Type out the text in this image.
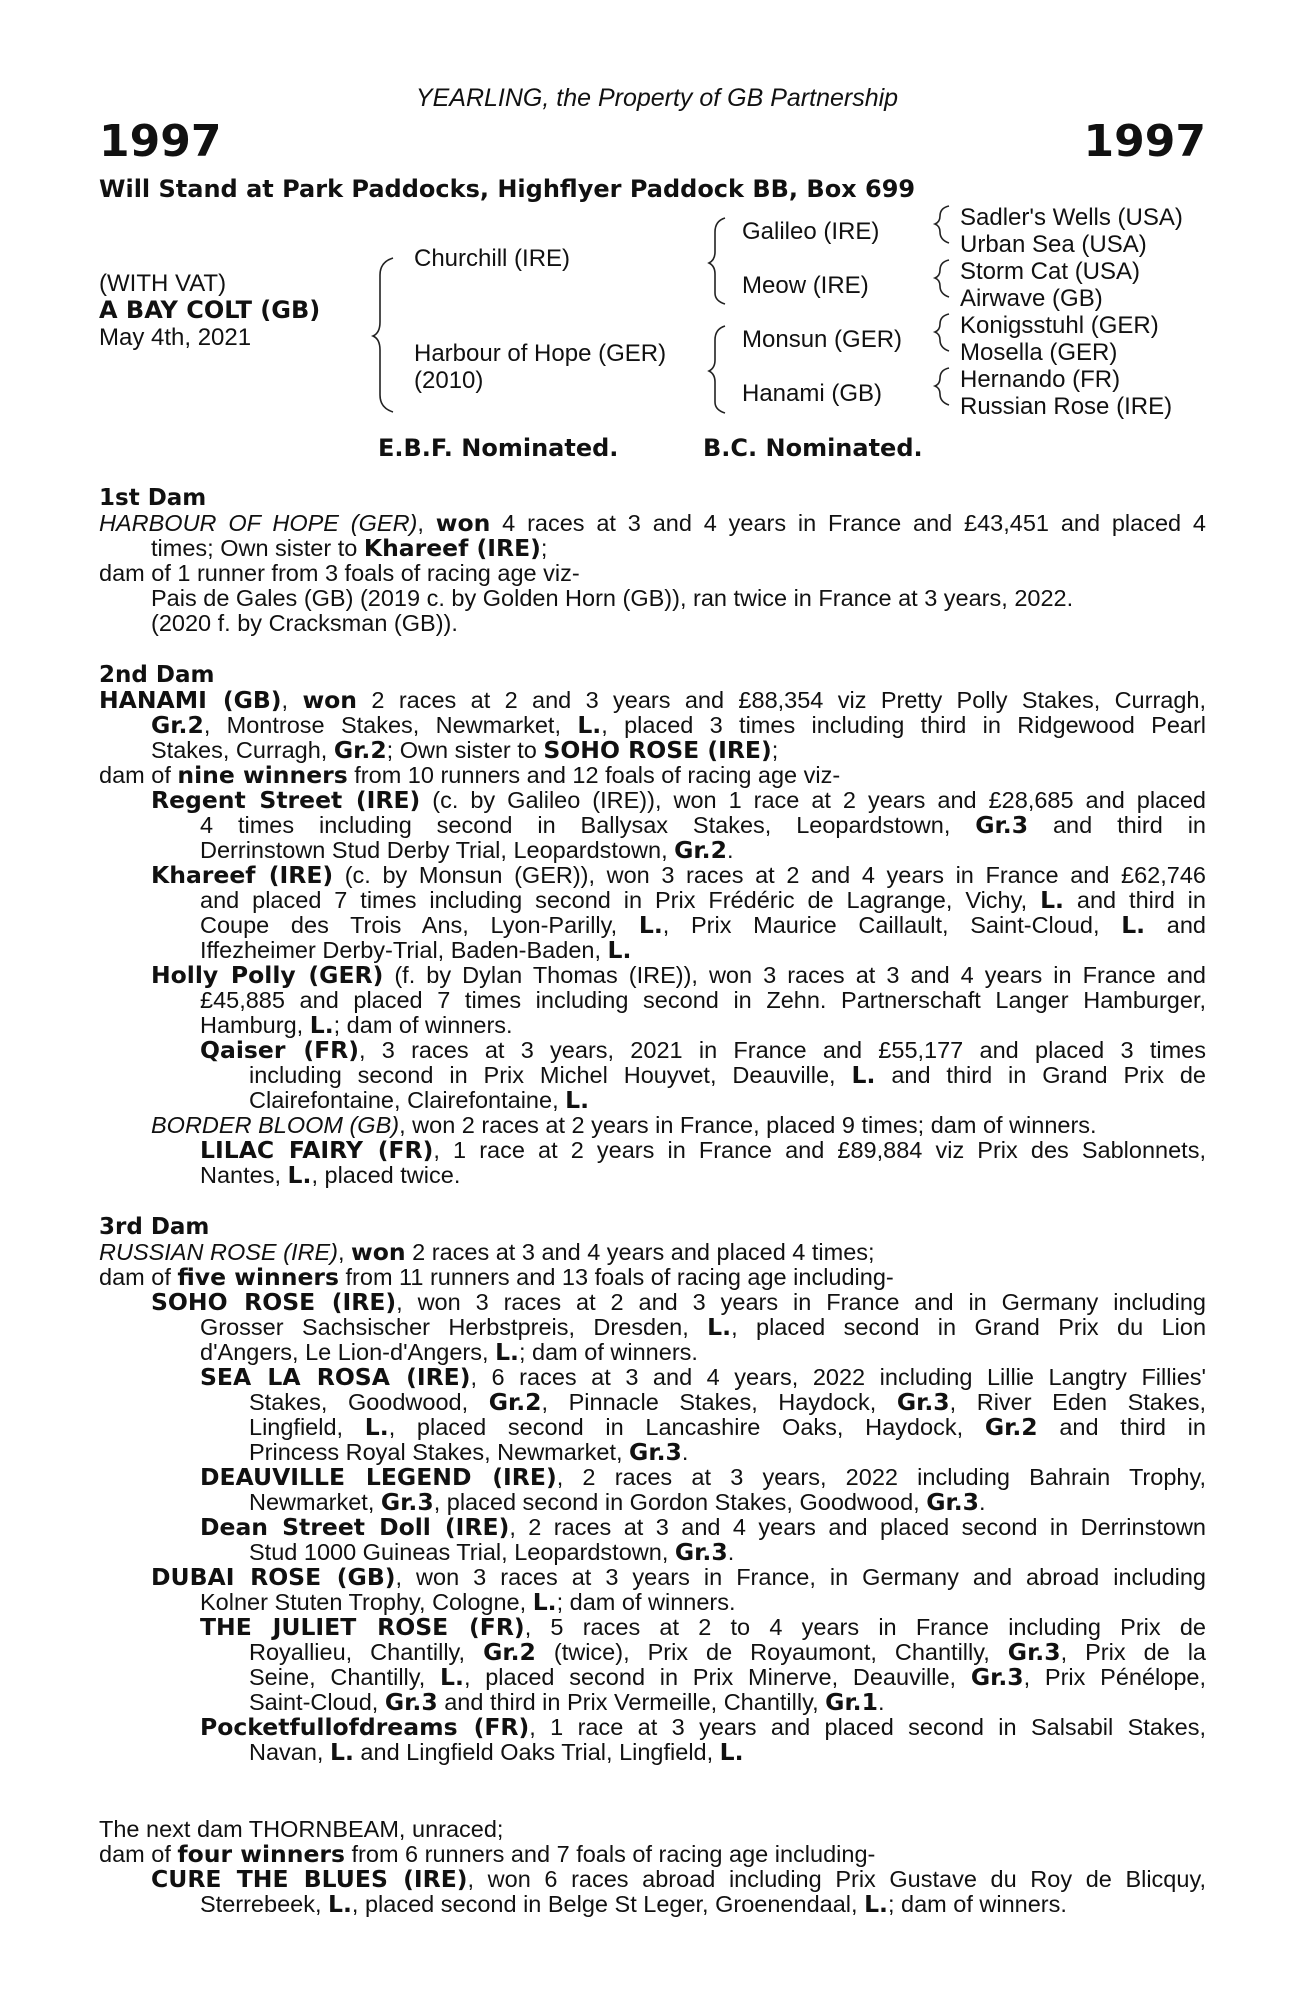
YEARLING, the Property of GB Partnership
1997	1997
Will Stand at Park Paddocks, Highflyer Paddock BB, Box 699
(WITH VAT)
A BAY COLT (GB)
May 4th, 2021
Churchill (IRE)
Harbour of Hope (GER)
(2010)
Galileo (IRE)
Meow (IRE)
Monsun (GER)
Hanami (GB)
Sadler's Wells (USA)
Urban Sea (USA)
Storm Cat (USA)
Airwave (GB)
Konigsstuhl (GER)
Mosella (GER)
Hernando (FR)
Russian Rose (IRE)
E.B.F. Nominated.	B.C. Nominated.
1st Dam
HARBOUR OF HOPE (GER), won 4 races at 3 and 4 years in France and £43,451 and placed 4
times; Own sister to Khareef (IRE);
dam of 1 runner from 3 foals of racing age viz-
Pais de Gales (GB) (2019 c. by Golden Horn (GB)), ran twice in France at 3 years, 2022.
(2020 f. by Cracksman (GB)).
2nd Dam
HANAMI (GB), won 2 races at 2 and 3 years and £88,354 viz Pretty Polly Stakes, Curragh,
Gr.2, Montrose Stakes, Newmarket, L., placed 3 times including third in Ridgewood Pearl
Stakes, Curragh, Gr.2; Own sister to SOHO ROSE (IRE);
dam of nine winners from 10 runners and 12 foals of racing age viz-
Regent Street (IRE) (c. by Galileo (IRE)), won 1 race at 2 years and £28,685 and placed
4 times including second in Ballysax Stakes, Leopardstown, Gr.3 and third in
Derrinstown Stud Derby Trial, Leopardstown, Gr.2.
Khareef (IRE) (c. by Monsun (GER)), won 3 races at 2 and 4 years in France and £62,746
and placed 7 times including second in Prix Frédéric de Lagrange, Vichy, L. and third in
Coupe des Trois Ans, Lyon-Parilly, L., Prix Maurice Caillault, Saint-Cloud, L. and
Iffezheimer Derby-Trial, Baden-Baden, L.
Holly Polly (GER) (f. by Dylan Thomas (IRE)), won 3 races at 3 and 4 years in France and
£45,885 and placed 7 times including second in Zehn. Partnerschaft Langer Hamburger,
Hamburg, L.; dam of winners.
Qaiser (FR), 3 races at 3 years, 2021 in France and £55,177 and placed 3 times
including second in Prix Michel Houyvet, Deauville, L. and third in Grand Prix de
Clairefontaine, Clairefontaine, L.
BORDER BLOOM (GB), won 2 races at 2 years in France, placed 9 times; dam of winners.
LILAC FAIRY (FR), 1 race at 2 years in France and £89,884 viz Prix des Sablonnets,
Nantes, L., placed twice.
3rd Dam
RUSSIAN ROSE (IRE), won 2 races at 3 and 4 years and placed 4 times;
dam of five winners from 11 runners and 13 foals of racing age including-
SOHO ROSE (IRE), won 3 races at 2 and 3 years in France and in Germany including
Grosser Sachsischer Herbstpreis, Dresden, L., placed second in Grand Prix du Lion
d'Angers, Le Lion-d'Angers, L.; dam of winners.
SEA LA ROSA (IRE), 6 races at 3 and 4 years, 2022 including Lillie Langtry Fillies'
Stakes, Goodwood, Gr.2, Pinnacle Stakes, Haydock, Gr.3, River Eden Stakes,
Lingfield, L., placed second in Lancashire Oaks, Haydock, Gr.2 and third in
Princess Royal Stakes, Newmarket, Gr.3.
DEAUVILLE LEGEND (IRE), 2 races at 3 years, 2022 including Bahrain Trophy,
Newmarket, Gr.3, placed second in Gordon Stakes, Goodwood, Gr.3.
Dean Street Doll (IRE), 2 races at 3 and 4 years and placed second in Derrinstown
Stud 1000 Guineas Trial, Leopardstown, Gr.3.
DUBAI ROSE (GB), won 3 races at 3 years in France, in Germany and abroad including
Kolner Stuten Trophy, Cologne, L.; dam of winners.
THE JULIET ROSE (FR), 5 races at 2 to 4 years in France including Prix de
Royallieu, Chantilly, Gr.2 (twice), Prix de Royaumont, Chantilly, Gr.3, Prix de la
Seine, Chantilly, L., placed second in Prix Minerve, Deauville, Gr.3, Prix Pénélope,
Saint-Cloud, Gr.3 and third in Prix Vermeille, Chantilly, Gr.1.
Pocketfullofdreams (FR), 1 race at 3 years and placed second in Salsabil Stakes,
Navan, L. and Lingfield Oaks Trial, Lingfield, L.
The next dam THORNBEAM, unraced;
dam of four winners from 6 runners and 7 foals of racing age including-
CURE THE BLUES (IRE), won 6 races abroad including Prix Gustave du Roy de Blicquy,
Sterrebeek, L., placed second in Belge St Leger, Groenendaal, L.; dam of winners.
